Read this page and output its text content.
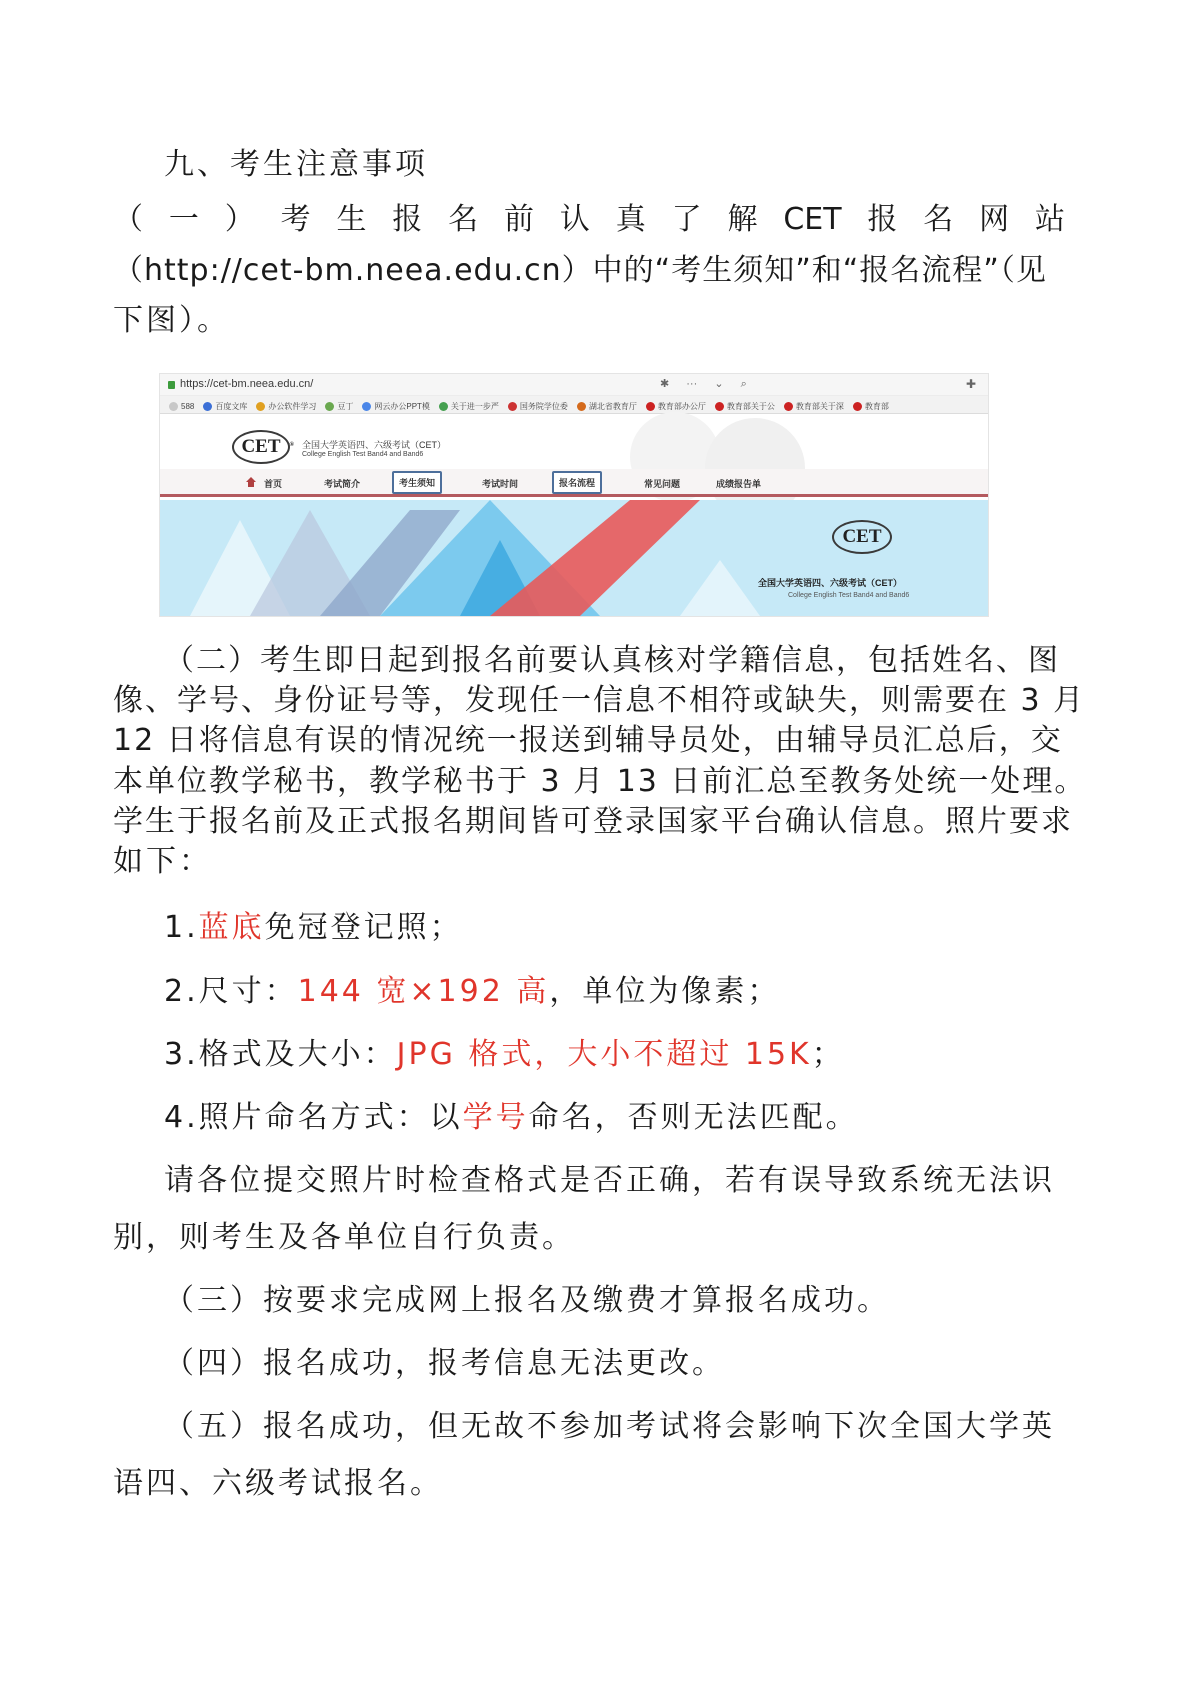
九、考生注意事项
（ 一 ） 考 生 报 名 前 认 真 了 解 CET 报 名 网 站
（http://cet-bm.neea.edu.cn）中的“考生须知”和“报名流程”（见
下图）。
https://cet-bm.neea.edu.cn/	✱ ··· ⌄ ⌕	✚
588	百度文库	办公软件学习	豆丁	网云办公PPT模	关于进一步严	国务院学位委	湖北省教育厅	教育部办公厅	教育部关于公	教育部关于深	教育部
CET ® 全国大学英语四、六级考试（CET）
College English Test Band4 and Band6
首页	考试简介	考生须知	考试时间	报名流程	常见问题	成绩报告单
CET
全国大学英语四、六级考试（CET）
College English Test Band4 and Band6
（二）考生即日起到报名前要认真核对学籍信息，包括姓名、图
像、学号、身份证号等，发现任一信息不相符或缺失，则需要在 3 月
12 日将信息有误的情况统一报送到辅导员处，由辅导员汇总后，交
本单位教学秘书，教学秘书于 3 月 13 日前汇总至教务处统一处理。
学生于报名前及正式报名期间皆可登录国家平台确认信息。照片要求
如下：
1.蓝底免冠登记照；
2.尺寸：144 宽×192 高，单位为像素；
3.格式及大小：JPG 格式，大小不超过 15K；
4.照片命名方式：以学号命名，否则无法匹配。
请各位提交照片时检查格式是否正确，若有误导致系统无法识
别，则考生及各单位自行负责。
（三）按要求完成网上报名及缴费才算报名成功。
（四）报名成功，报考信息无法更改。
（五）报名成功，但无故不参加考试将会影响下次全国大学英
语四、六级考试报名。
